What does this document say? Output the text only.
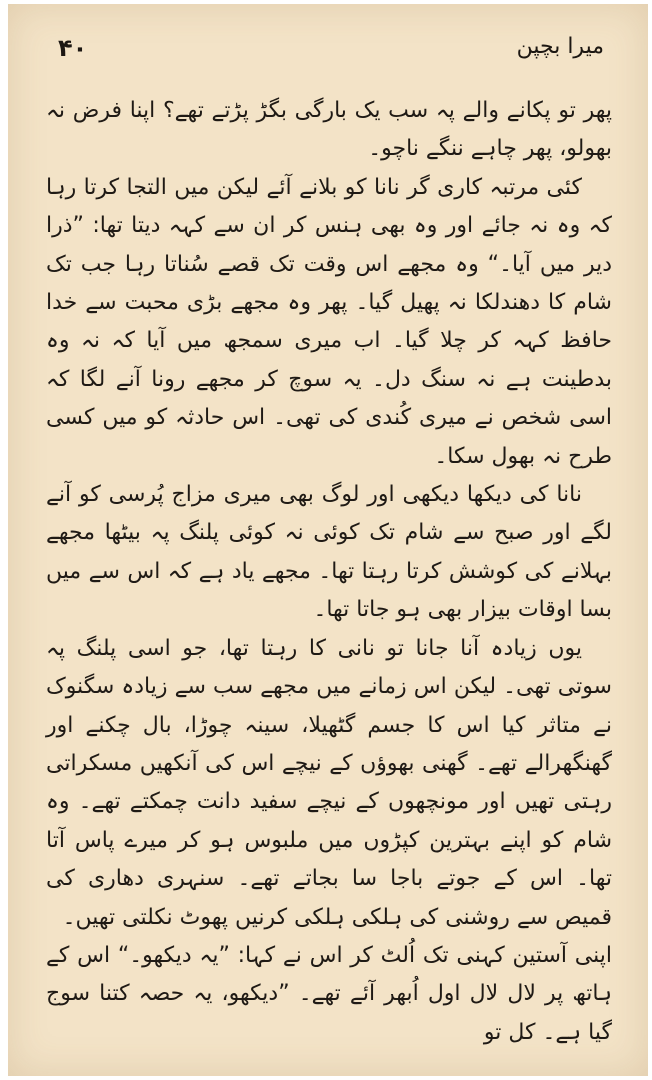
۴۰	میرا بچپن

پھر تو پکانے والے پہ سب یک بارگی بگڑ پڑتے تھے؟ اپنا فرض نہ بھولو، پھر چاہے ننگے ناچو۔

کئی مرتبہ کاری گر نانا کو بلانے آئے لیکن میں التجا کرتا رہا کہ وہ نہ جائے اور وہ بھی ہنس کر ان سے کہہ دیتا تھا: ”ذرا دیر میں آیا۔“ وہ مجھے اس وقت تک قصے سُناتا رہا جب تک شام کا دھندلکا نہ پھیل گیا۔ پھر وہ مجھے بڑی محبت سے خدا حافظ کہہ کر چلا گیا۔ اب میری سمجھ میں آیا کہ نہ وہ بدطینت ہے نہ سنگ دل۔ یہ سوچ کر مجھے رونا آنے لگا کہ اسی شخص نے میری کُندی کی تھی۔ اس حادثہ کو میں کسی طرح نہ بھول سکا۔

نانا کی دیکھا دیکھی اور لوگ بھی میری مزاج پُرسی کو آنے لگے اور صبح سے شام تک کوئی نہ کوئی پلنگ پہ بیٹھا مجھے بہلانے کی کوشش کرتا رہتا تھا۔ مجھے یاد ہے کہ اس سے میں بسا اوقات بیزار بھی ہو جاتا تھا۔

یوں زیادہ آنا جانا تو نانی کا رہتا تھا، جو اسی پلنگ پہ سوتی تھی۔ لیکن اس زمانے میں مجھے سب سے زیادہ سگنوک نے متاثر کیا اس کا جسم گٹھیلا، سینہ چوڑا، بال چکنے اور گھنگھرالے تھے۔ گھنی بھوؤں کے نیچے اس کی آنکھیں مسکراتی رہتی تھیں اور مونچھوں کے نیچے سفید دانت چمکتے تھے۔ وہ شام کو اپنے بہترین کپڑوں میں ملبوس ہو کر میرے پاس آتا تھا۔ اس کے جوتے باجا سا بجاتے تھے۔ سنہری دھاری کی قمیص سے روشنی کی ہلکی ہلکی کرنیں پھوٹ نکلتی تھیں۔

اپنی آستین کہنی تک اُلٹ کر اس نے کہا: ”یہ دیکھو۔“ اس کے ہاتھ پر لال لال اول اُبھر آئے تھے۔ ”دیکھو، یہ حصہ کتنا سوج گیا ہے۔ کل تو
